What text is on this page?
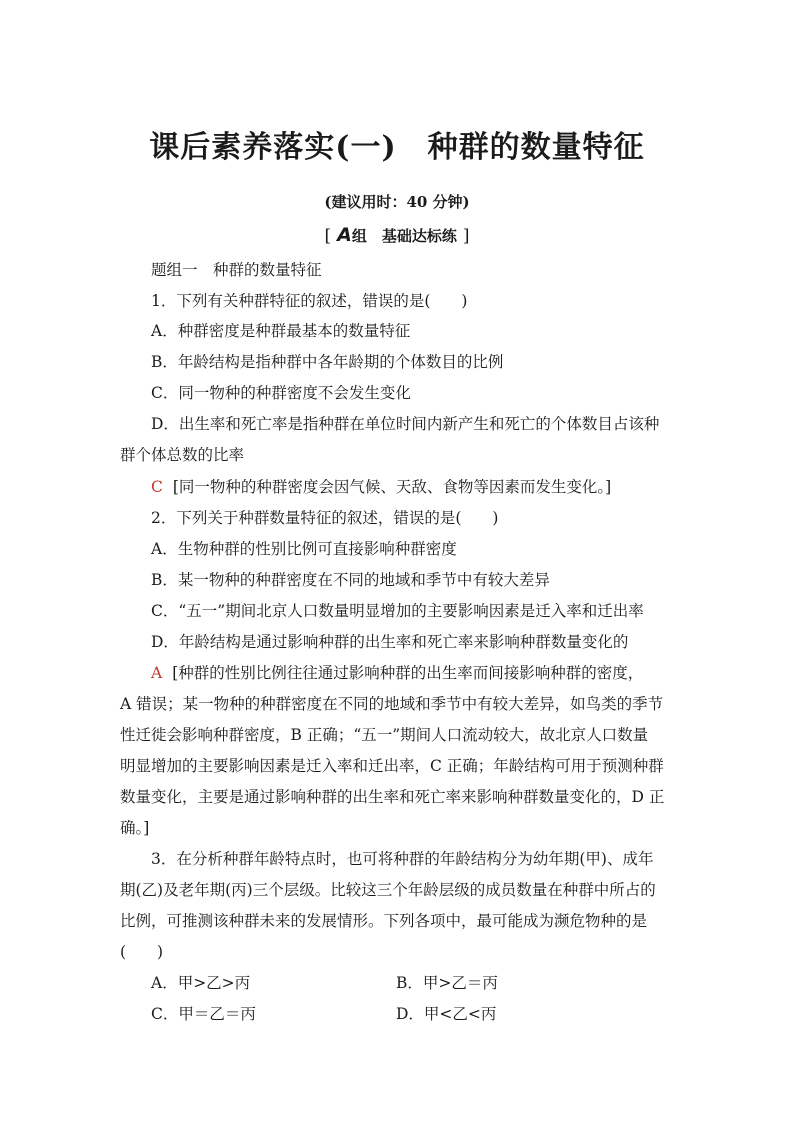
课后素养落实(一)　种群的数量特征
(建议用时：40 分钟)
[ A组　基础达标练 ]
题组一　种群的数量特征
1．下列有关种群特征的叙述，错误的是(　　)
A．种群密度是种群最基本的数量特征
B．年龄结构是指种群中各年龄期的个体数目的比例
C．同一物种的种群密度不会发生变化
D．出生率和死亡率是指种群在单位时间内新产生和死亡的个体数目占该种
群个体总数的比率
C [同一物种的种群密度会因气候、天敌、食物等因素而发生变化。]
2．下列关于种群数量特征的叙述，错误的是(　　)
A．生物种群的性别比例可直接影响种群密度
B．某一物种的种群密度在不同的地域和季节中有较大差异
C．“五一”期间北京人口数量明显增加的主要影响因素是迁入率和迁出率
D．年龄结构是通过影响种群的出生率和死亡率来影响种群数量变化的
A [种群的性别比例往往通过影响种群的出生率而间接影响种群的密度，
A 错误；某一物种的种群密度在不同的地域和季节中有较大差异，如鸟类的季节
性迁徙会影响种群密度，B 正确；“五一”期间人口流动较大，故北京人口数量
明显增加的主要影响因素是迁入率和迁出率，C 正确；年龄结构可用于预测种群
数量变化，主要是通过影响种群的出生率和死亡率来影响种群数量变化的，D 正
确。]
3．在分析种群年龄特点时，也可将种群的年龄结构分为幼年期(甲)、成年
期(乙)及老年期(丙)三个层级。比较这三个年龄层级的成员数量在种群中所占的
比例，可推测该种群未来的发展情形。下列各项中，最可能成为濒危物种的是
(　　)
A．甲>乙>丙	B．甲>乙＝丙
C．甲＝乙＝丙	D．甲<乙<丙
